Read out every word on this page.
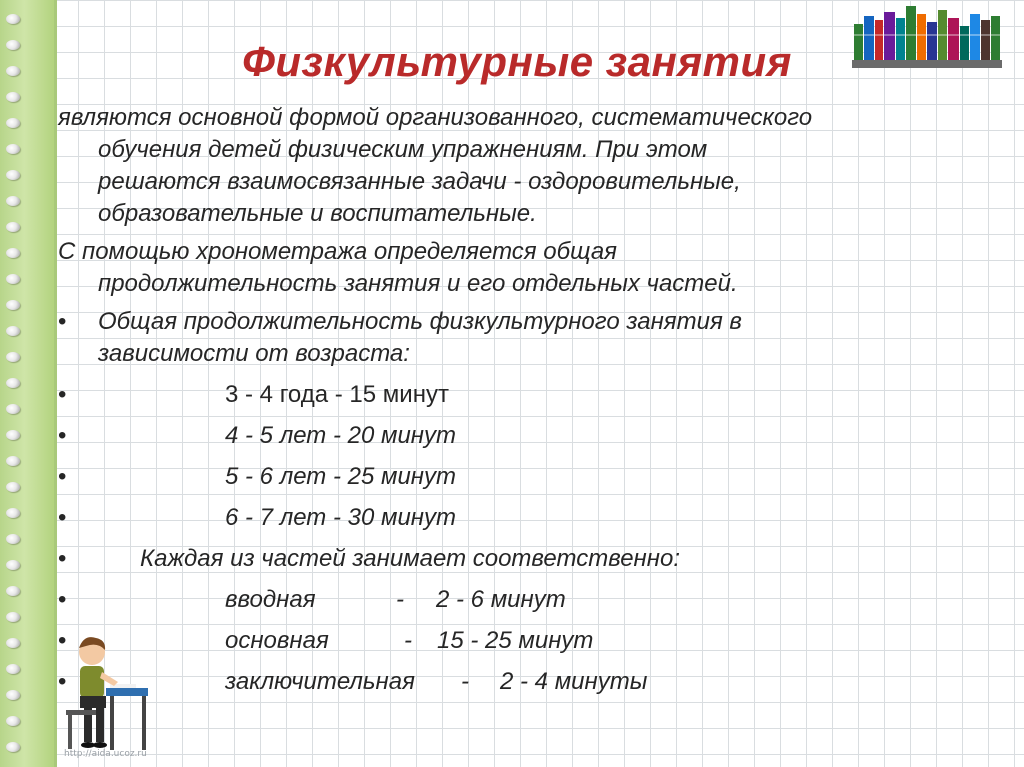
Физкультурные занятия

являются основной формой организованного, систематического
обучения детей физическим упражнениям. При этом
решаются взаимосвязанные задачи - оздоровительные,
образовательные и воспитательные.

С помощью хронометража определяется общая
продолжительность занятия и его отдельных частей.

• Общая продолжительность физкультурного занятия в
зависимости от возраста:
•	3 - 4 года - 15 минут
•	4 - 5 лет - 20 минут
•	5 - 6 лет - 25 минут
•	6 - 7 лет - 30 минут
•	Каждая из частей занимает соответственно:
•	вводная	- 2 - 6 минут
•	основная	- 15 - 25 минут
•	заключительная - 2 - 4 минуты
http://aida.ucoz.ru
